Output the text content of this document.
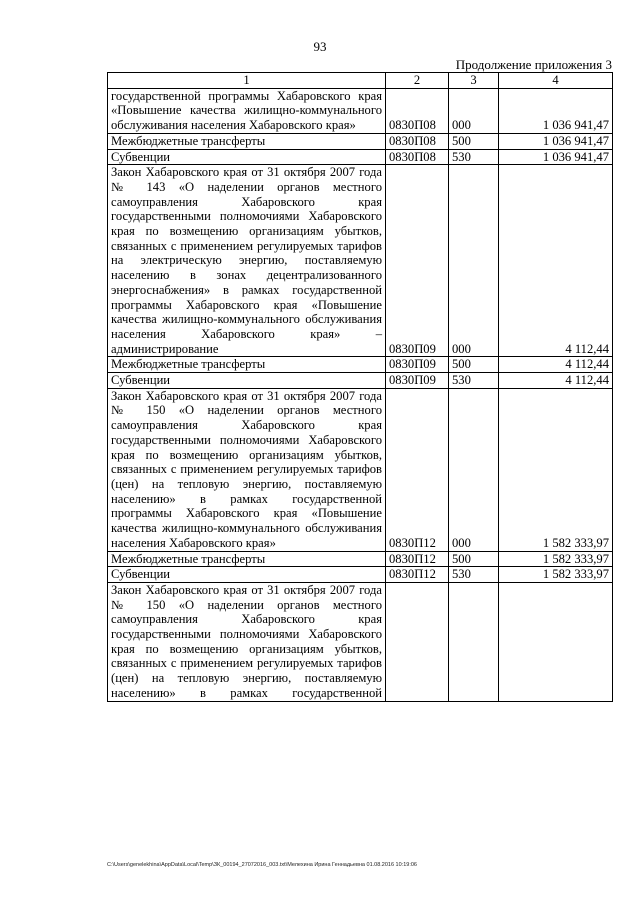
93
Продолжение приложения 3
1	2	3	4
государственной программы Хабаровского края «Повышение качества жилищно-коммунального обслуживания населения Хабаровского края»	0830П08	000	1 036 941,47
Межбюджетные трансферты	0830П08	500	1 036 941,47
Субвенции	0830П08	530	1 036 941,47
Закон Хабаровского края от 31 октября 2007 года № 143 «О наделении органов местного самоуправления Хабаровского края государственными полномочиями Хабаровского края по возмещению организациям убытков, связанных с применением регулируемых тарифов на электрическую энергию, поставляемую населению в зонах децентрализованного энергоснабжения» в рамках государственной программы Хабаровского края «Повышение качества жилищно-коммунального обслуживания населения Хабаровского края» – администрирование	0830П09	000	4 112,44
Межбюджетные трансферты	0830П09	500	4 112,44
Субвенции	0830П09	530	4 112,44
Закон Хабаровского края от 31 октября 2007 года № 150 «О наделении органов местного самоуправления Хабаровского края государственными полномочиями Хабаровского края по возмещению организациям убытков, связанных с применением регулируемых тарифов (цен) на тепловую энергию, поставляемую населению» в рамках государственной программы Хабаровского края «Повышение качества жилищно-коммунального обслуживания населения Хабаровского края»	0830П12	000	1 582 333,97
Межбюджетные трансферты	0830П12	500	1 582 333,97
Субвенции	0830П12	530	1 582 333,97
Закон Хабаровского края от 31 октября 2007 года № 150 «О наделении органов местного самоуправления Хабаровского края государственными полномочиями Хабаровского края по возмещению организациям убытков, связанных с применением регулируемых тарифов (цен) на тепловую энергию, поставляемую населению» в рамках государственной			
C:\Users\genelekhina\AppData\Local\Temp\ЗК_00194_27072016_003.txt\Мелехина Ирина Геннадьевна 01.08.2016 10:19:06
